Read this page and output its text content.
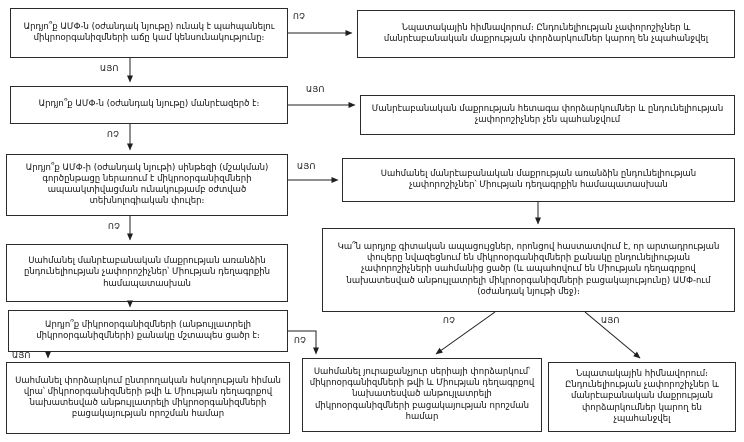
Արդյո՞ք ԱՄՓ-ն (օժանդակ նյութը) ունակ է պահպանելու միկրոօրգանիզմների աճը կամ կենսունակությունը։
Նպատակային հիմնավորում։ Ընդունելիության չափորոշիչներ և մանրէաբանական մաքրության փորձարկումներ կարող են չպահանջվել
Արդյո՞ք ԱՄՓ-ն (օժանդակ նյութը) մանրէազերծ է։	Մանրէաբանական մաքրության հետագա փորձարկումներ և ընդունելիության չափորոշիչներ չեն պահանջվում
Արդյո՞ք ԱՄՓ-ի (օժանդակ նյութի) սինթեզի (մշակման) գործընթացը ներառում է միկրոօրգանիզմների ապաակտիվացման ունակությամբ օժտված տեխնոլոգիական փուլեր։
Սահմանել մանրէաբանական մաքրության առանձին ընդունելիության չափորոշիչներ՝ Միության դեղագրքին համապատասխան
Կա՞ն արդյոք գիտական ապացույցներ, որոնցով հաստատվում է, որ արտադրության փուլերը նվազեցնում են միկրոօրգանիզմների քանակը ընդունելիության չափորոշիչների սահմանից ցածր (և ապահովում են Միության դեղագրքով նախատեսված անթույլատրելի միկրոօրգանիզմների բացակայությունը) ԱՄՓ-ում (օժանդակ նյութի մեջ)։
Սահմանել մանրէաբանական մաքրության առանձին ընդունելիության չափորոշիչներ՝ Միության դեղագրքին համապատասխան
Արդյո՞ք միկրոօրգանիզմների (անթույլատրելի միկրոօրգանիզմների) քանակը մշտապես ցածր է։
Սահմանել փորձարկում ընտրողական հսկողության հիման վրա՝ միկրոօրգանիզմների թվի և Միության դեղագրքով նախատեսված անթույլատրելի միկրոօրգանիզմների բացակայության որոշման համար
Սահմանել յուրաքանչյուր սերիայի փորձարկում՝ միկրոօրգանիզմների թվի և Միության դեղագրքով նախատեսված անթույլատրելի միկրոօրգանիզմների բացակայության որոշման համար
Նպատակային հիմնավորում։ Ընդունելիության չափորոշիչներ և մանրէաբանական մաքրության փորձարկումներ կարող են չպահանջվել
ՈՉ
ԱՅՈ
ԱՅՈ
ՈՉ
ԱՅՈ
ՈՉ
ՈՉ	ԱՅՈ
ԱՅՈ
ՈՉ
